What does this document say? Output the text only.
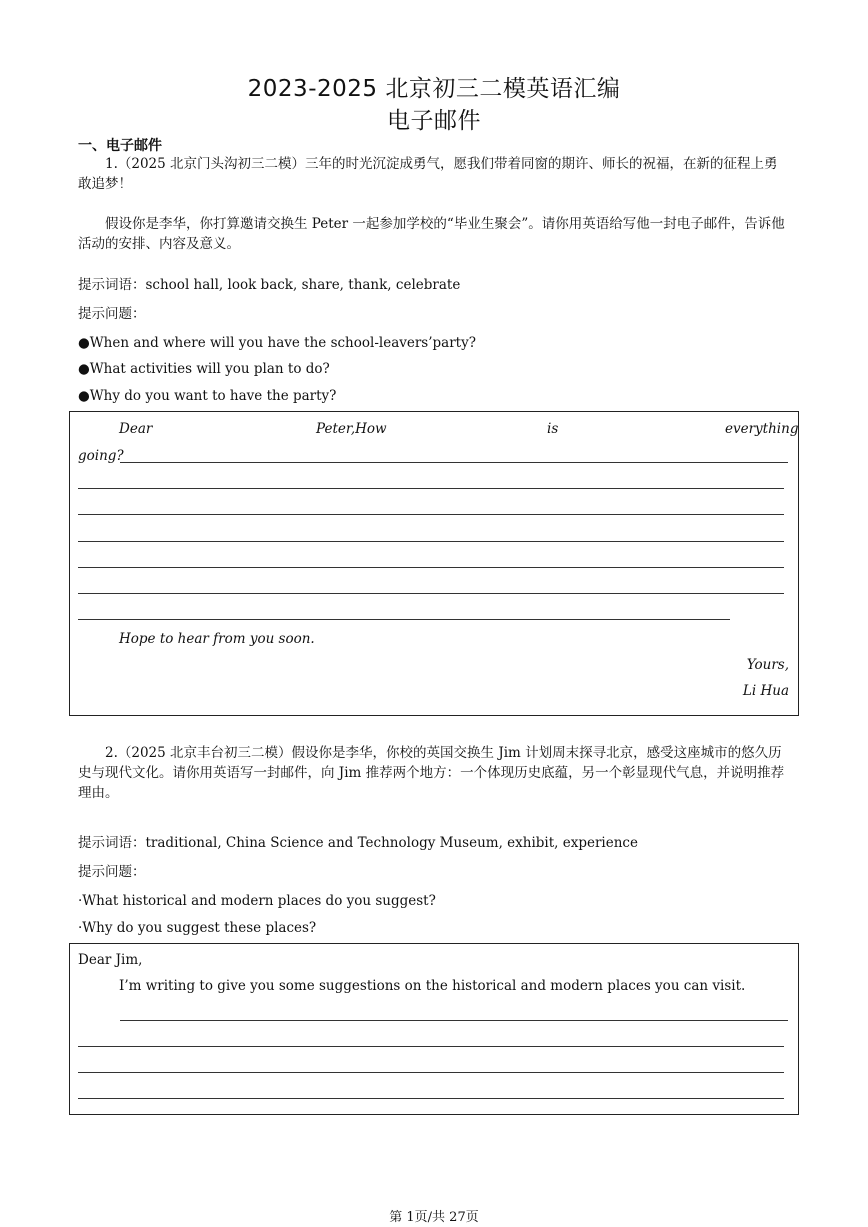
2023-2025 北京初三二模英语汇编
电子邮件
一、电子邮件
1.（2025 北京门头沟初三二模）三年的时光沉淀成勇气，愿我们带着同窗的期许、师长的祝福，在新的征程上勇敢追梦！
假设你是李华，你打算邀请交换生 Peter 一起参加学校的“毕业生聚会”。请你用英语给写他一封电子邮件，告诉他活动的安排、内容及意义。
提示词语：school hall, look back, share, thank, celebrate
提示问题：
●When and where will you have the school-leavers’party?
●What activities will you plan to do?
●Why do you want to have the party?
Dear	Peter,How	is	everything
going?
Hope to hear from you soon.
Yours,
Li Hua
2.（2025 北京丰台初三二模）假设你是李华，你校的英国交换生 Jim 计划周末探寻北京，感受这座城市的悠久历史与现代文化。请你用英语写一封邮件，向 Jim 推荐两个地方：一个体现历史底蕴，另一个彰显现代气息，并说明推荐理由。
提示词语：traditional, China Science and Technology Museum, exhibit, experience
提示问题：
·What historical and modern places do you suggest?
·Why do you suggest these places?
Dear Jim,
I’m writing to give you some suggestions on the historical and modern places you can visit.
第 1页/共 27页
